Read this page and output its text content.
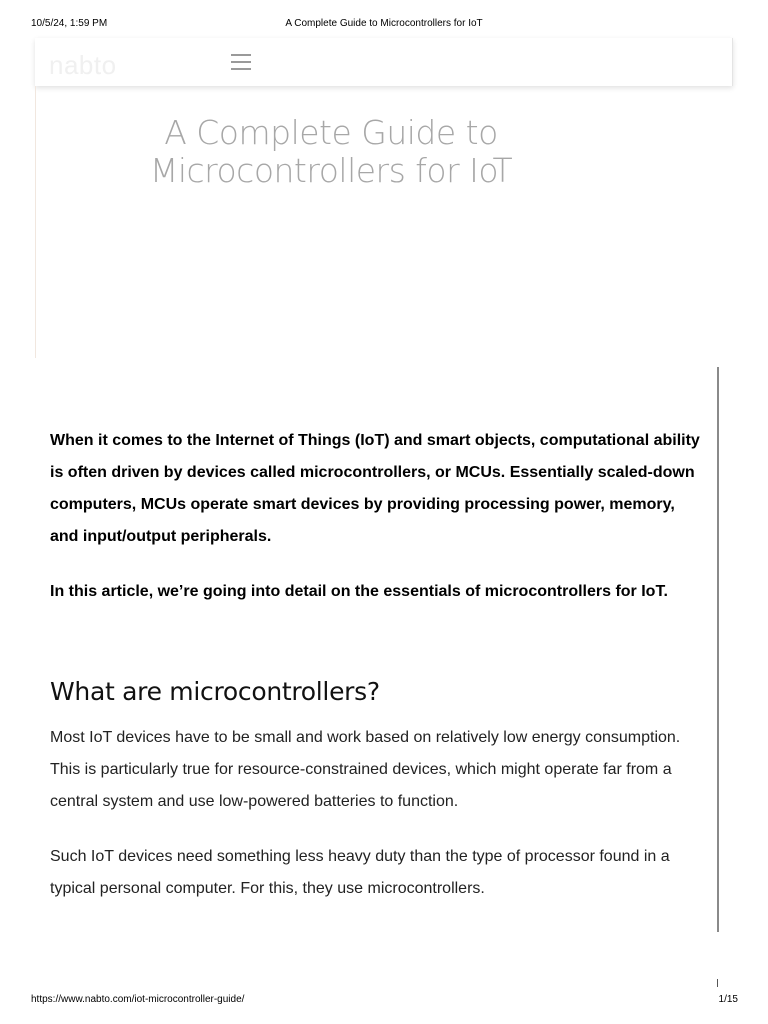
10/5/24, 1:59 PM	A Complete Guide to Microcontrollers for IoT
nabto
A Complete Guide to Microcontrollers for IoT

When it comes to the Internet of Things (IoT) and smart objects, computational ability is often driven by devices called microcontrollers, or MCUs. Essentially scaled-down computers, MCUs operate smart devices by providing processing power, memory, and input/output peripherals.

In this article, we’re going into detail on the essentials of microcontrollers for IoT.

What are microcontrollers?

Most IoT devices have to be small and work based on relatively low energy consumption. This is particularly true for resource-constrained devices, which might operate far from a central system and use low-powered batteries to function.

Such IoT devices need something less heavy duty than the type of processor found in a typical personal computer. For this, they use microcontrollers.

https://www.nabto.com/iot-microcontroller-guide/	1/15
